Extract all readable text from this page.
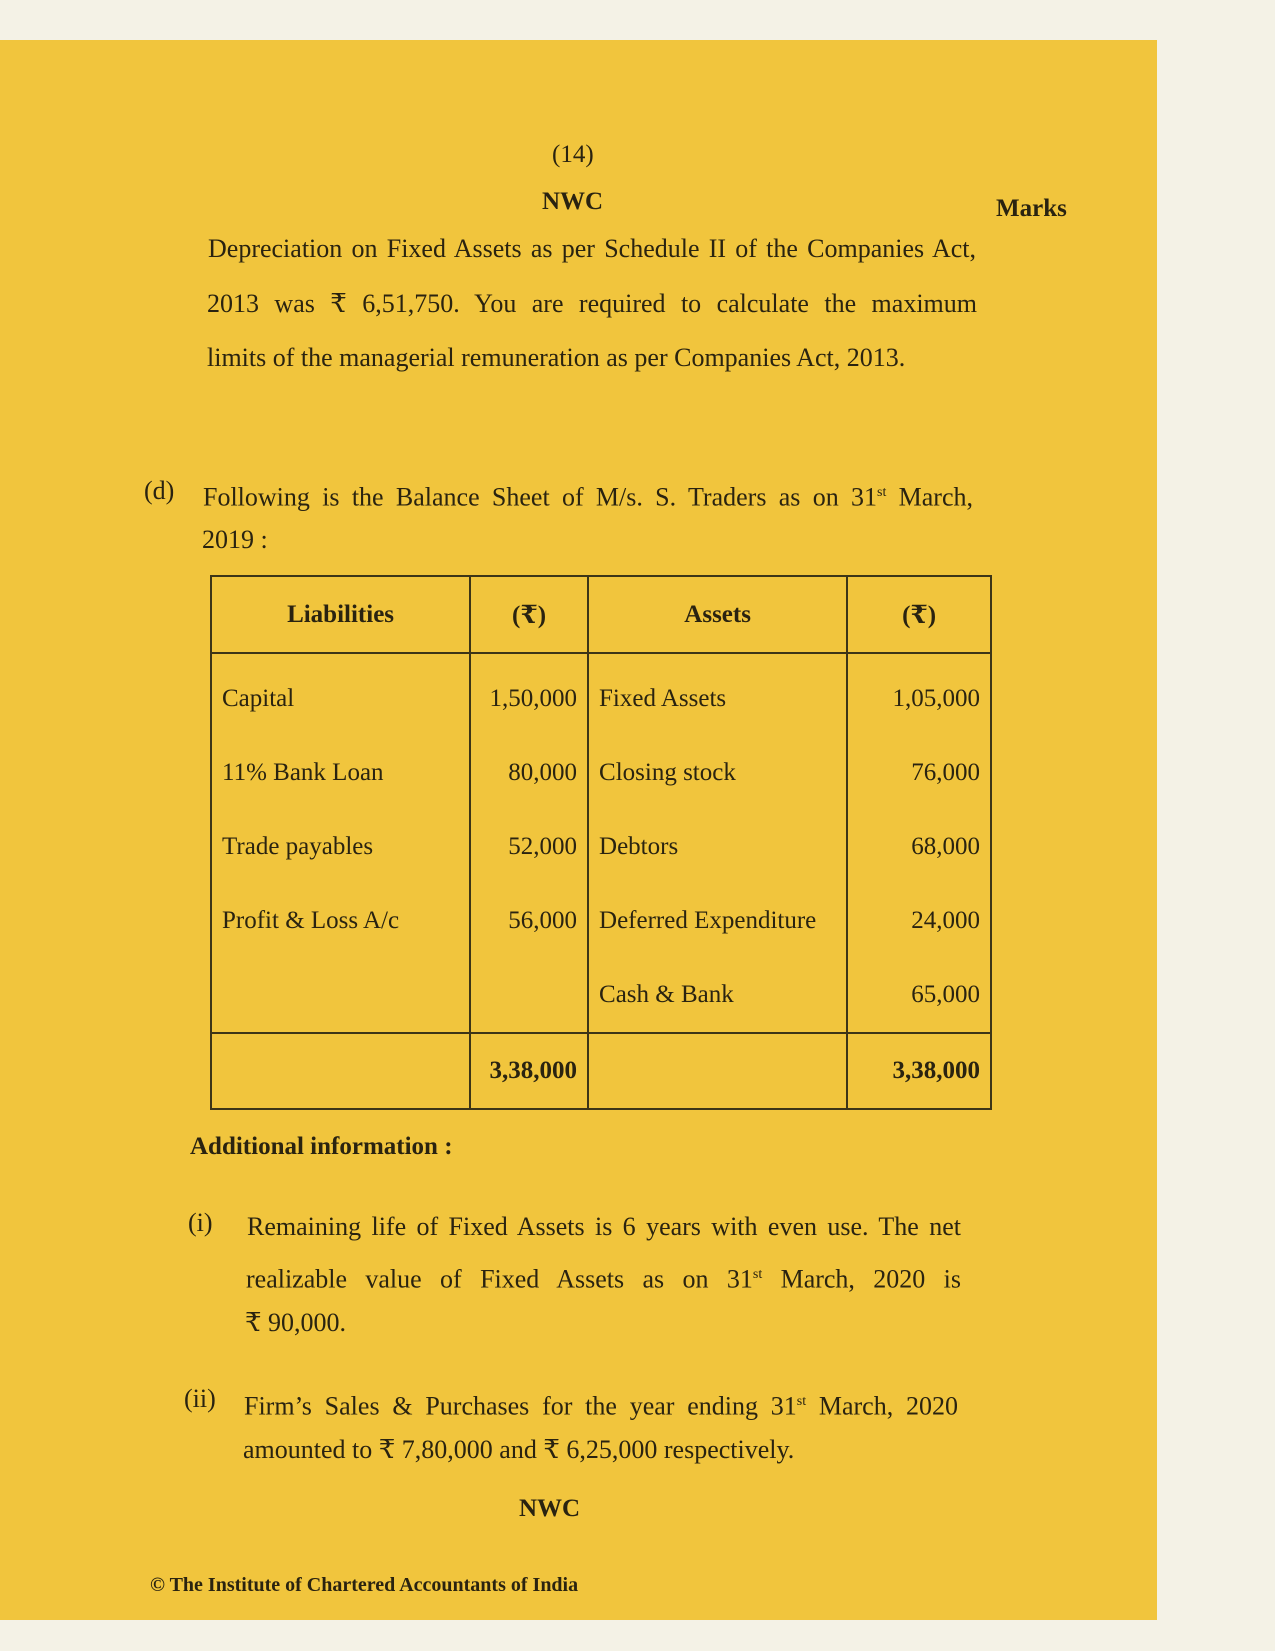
(14)
NWC	Marks
Depreciation on Fixed Assets as per Schedule II of the Companies Act,
2013 was ₹ 6,51,750. You are required to calculate the maximum
limits of the managerial remuneration as per Companies Act, 2013.
(d) Following is the Balance Sheet of M/s. S. Traders as on 31st March,
2019 :
Liabilities	(₹)	Assets	(₹)
Capital	1,50,000	Fixed Assets	1,05,000
11% Bank Loan	80,000	Closing stock	76,000
Trade payables	52,000	Debtors	68,000
Profit & Loss A/c	56,000	Deferred Expenditure	24,000
		Cash & Bank	65,000
	3,38,000		3,38,000
Additional information :
(i) Remaining life of Fixed Assets is 6 years with even use. The net
realizable value of Fixed Assets as on 31st March, 2020 is
₹ 90,000.
(ii) Firm’s Sales & Purchases for the year ending 31st March, 2020
amounted to ₹ 7,80,000 and ₹ 6,25,000 respectively.
NWC
© The Institute of Chartered Accountants of India
